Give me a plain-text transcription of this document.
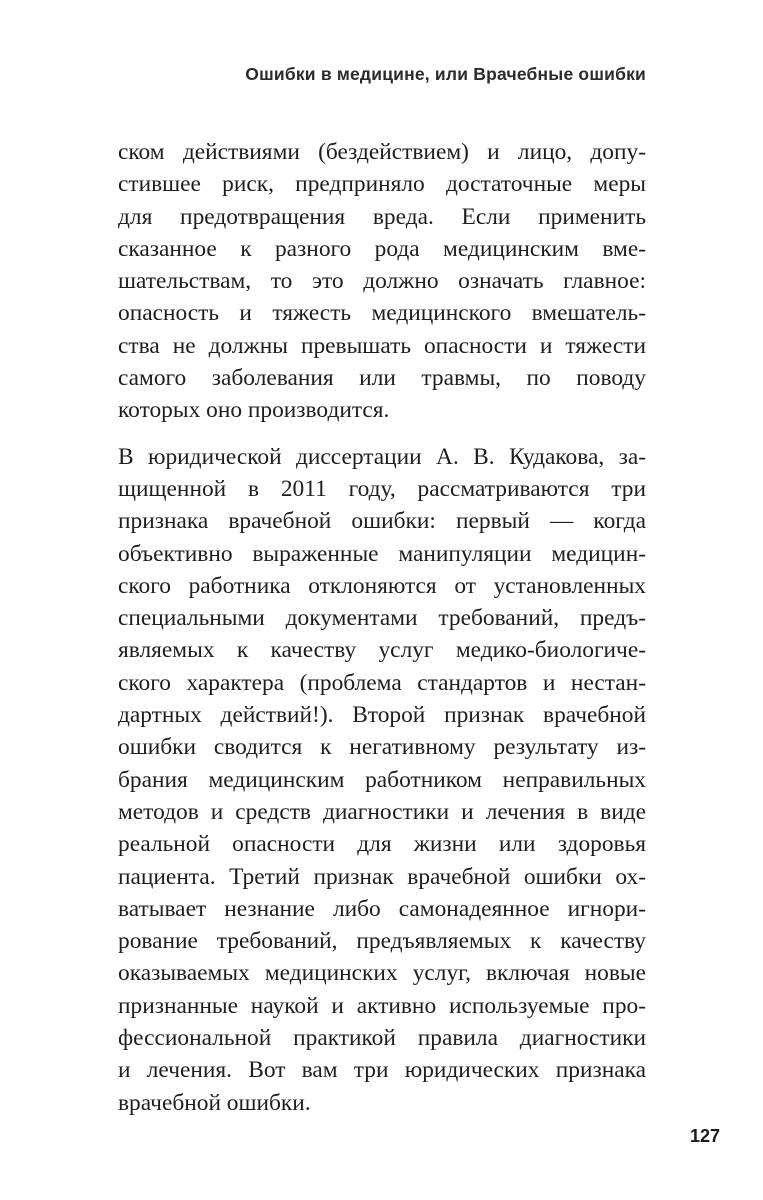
Ошибки в медицине, или Врачебные ошибки

ском действиями (бездействием) и лицо, допу-
стившее риск, предприняло достаточные меры
для предотвращения вреда. Если применить
сказанное к разного рода медицинским вме-
шательствам, то это должно означать главное:
опасность и тяжесть медицинского вмешатель-
ства не должны превышать опасности и тяжести
самого заболевания или травмы, по поводу
которых оно производится.

В юридической диссертации А. В. Кудакова, за-
щищенной в 2011 году, рассматриваются три
признака врачебной ошибки: первый — когда
объективно выраженные манипуляции медицин-
ского работника отклоняются от установленных
специальными документами требований, предъ-
являемых к качеству услуг медико-биологиче-
ского характера (проблема стандартов и нестан-
дартных действий!). Второй признак врачебной
ошибки сводится к негативному результату из-
брания медицинским работником неправильных
методов и средств диагностики и лечения в виде
реальной опасности для жизни или здоровья
пациента. Третий признак врачебной ошибки ох-
ватывает незнание либо самонадеянное игнори-
рование требований, предъявляемых к качеству
оказываемых медицинских услуг, включая новые
признанные наукой и активно используемые про-
фессиональной практикой правила диагностики
и лечения. Вот вам три юридических признака
врачебной ошибки.

127
